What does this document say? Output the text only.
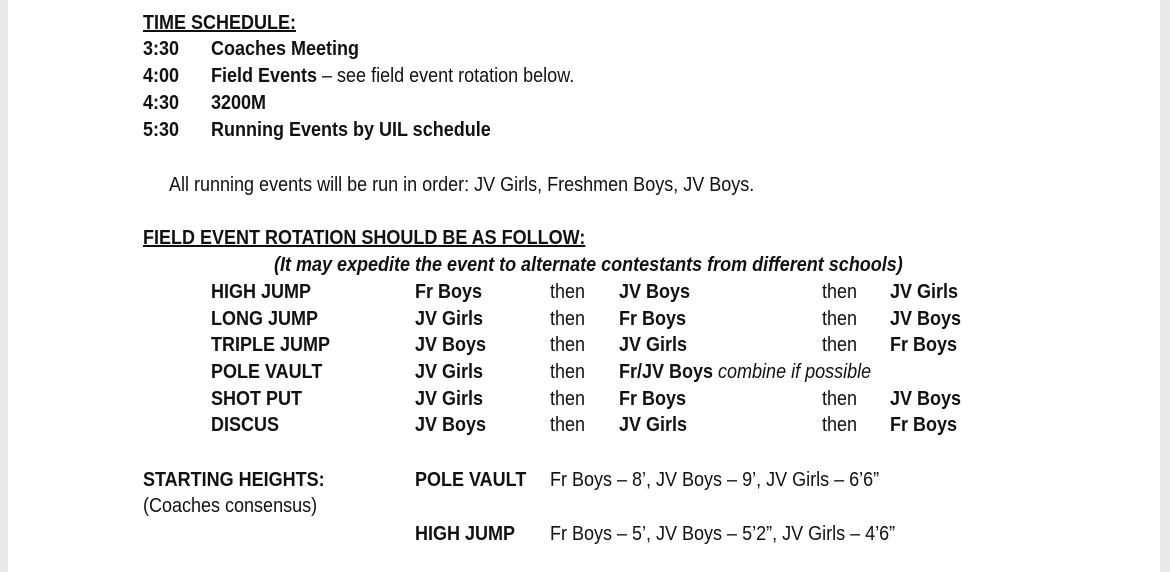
TIME SCHEDULE:
3:30 Coaches Meeting
4:00 Field Events – see field event rotation below.
4:30 3200M
5:30 Running Events by UIL schedule
All running events will be run in order: JV Girls, Freshmen Boys, JV Boys.
FIELD EVENT ROTATION SHOULD BE AS FOLLOW:
(It may expedite the event to alternate contestants from different schools)
HIGH JUMP	Fr Boys	then JV Boys	then JV Girls
LONG JUMP	JV Girls	then Fr Boys	then JV Boys
TRIPLE JUMP	JV Boys	then JV Girls	then Fr Boys
POLE VAULT	JV Girls	then Fr/JV Boys combine if possible
SHOT PUT	JV Girls	then Fr Boys	then JV Boys
DISCUS	JV Boys	then JV Girls	then Fr Boys
STARTING HEIGHTS:
(Coaches consensus)
POLE VAULT Fr Boys – 8’, JV Boys – 9’, JV Girls – 6’6”
HIGH JUMP Fr Boys – 5’, JV Boys – 5’2”, JV Girls – 4’6”
